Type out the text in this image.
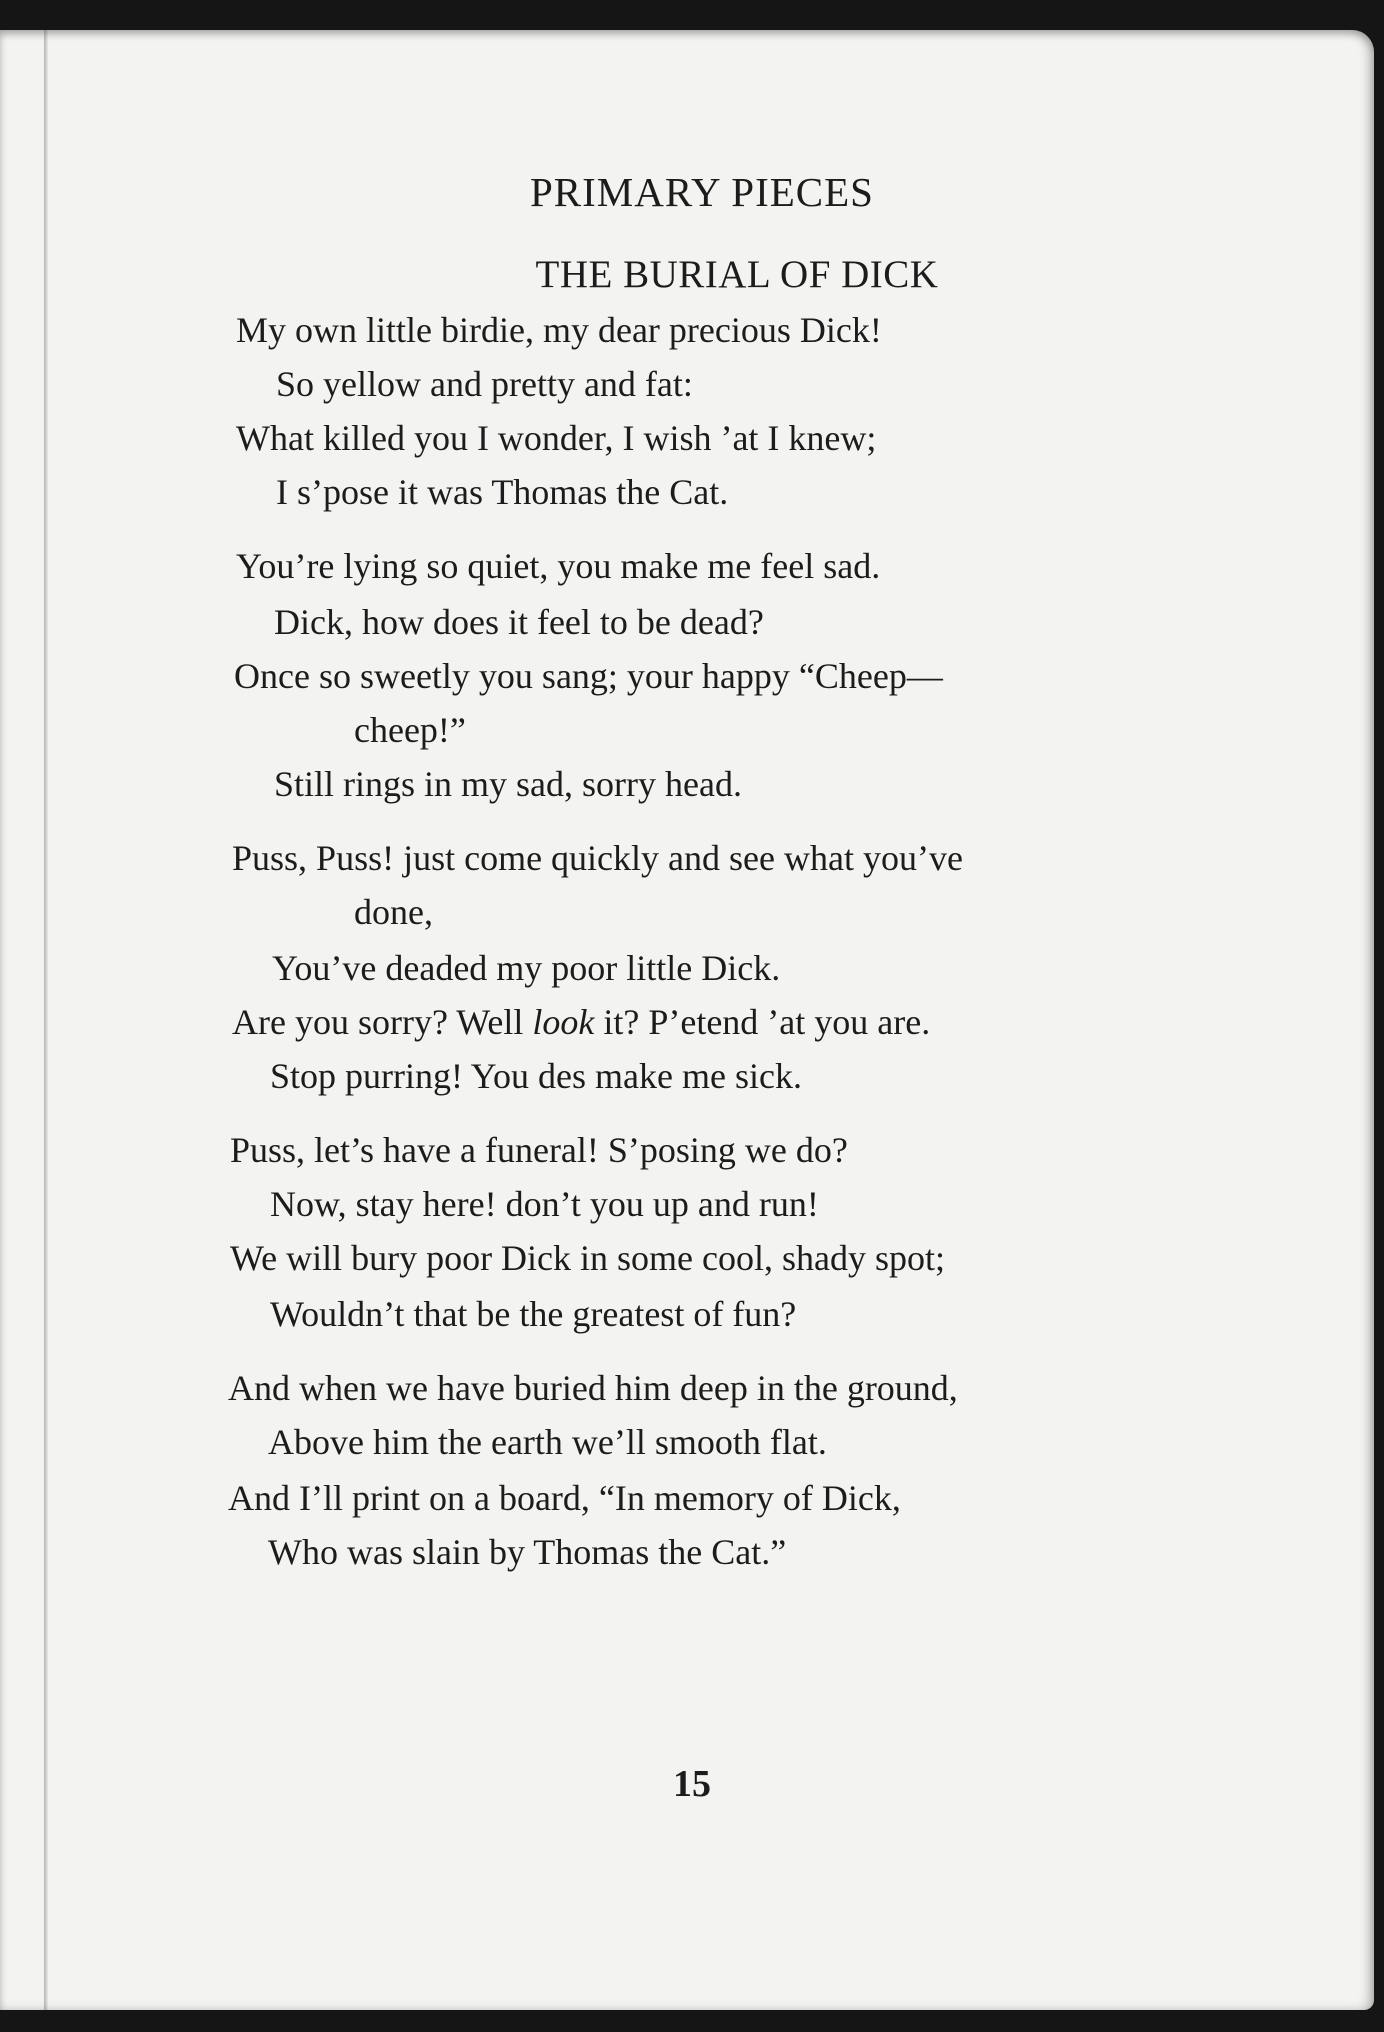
PRIMARY PIECES
THE BURIAL OF DICK
My own little birdie, my dear precious Dick!
So yellow and pretty and fat:
What killed you I wonder, I wish ’at I knew;
I s’pose it was Thomas the Cat.
You’re lying so quiet, you make me feel sad.
Dick, how does it feel to be dead?
Once so sweetly you sang; your happy “Cheep—
cheep!”
Still rings in my sad, sorry head.
Puss, Puss! just come quickly and see what you’ve
done,
You’ve deaded my poor little Dick.
Are you sorry? Well look it? P’etend ’at you are.
Stop purring! You des make me sick.
Puss, let’s have a funeral! S’posing we do?
Now, stay here! don’t you up and run!
We will bury poor Dick in some cool, shady spot;
Wouldn’t that be the greatest of fun?
And when we have buried him deep in the ground,
Above him the earth we’ll smooth flat.
And I’ll print on a board, “In memory of Dick,
Who was slain by Thomas the Cat.”
15
